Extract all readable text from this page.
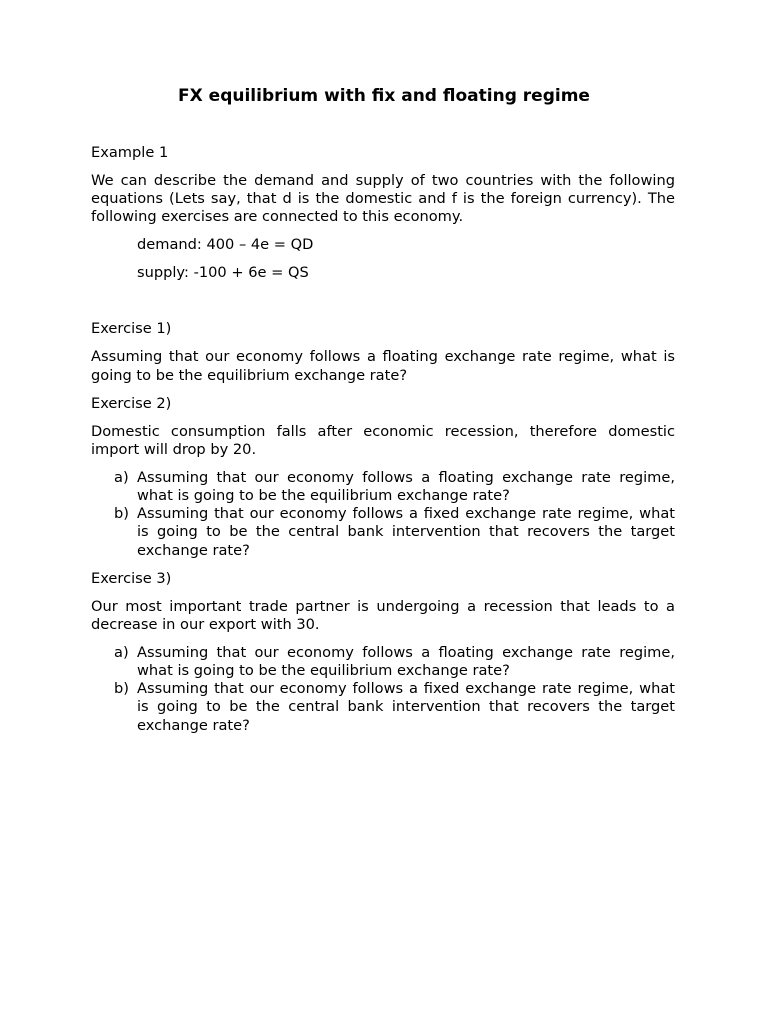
FX equilibrium with fix and floating regime

Example 1

We can describe the demand and supply of two countries with the following equations (Lets say, that d is the domestic and f is the foreign currency). The following exercises are connected to this economy.

demand: 400 – 4e = QD

supply: -100 + 6e = QS

Exercise 1)

Assuming that our economy follows a floating exchange rate regime, what is going to be the equilibrium exchange rate?

Exercise 2)

Domestic consumption falls after economic recession, therefore domestic import will drop by 20.

a) Assuming that our economy follows a floating exchange rate regime, what is going to be the equilibrium exchange rate?
b) Assuming that our economy follows a fixed exchange rate regime, what is going to be the central bank intervention that recovers the target exchange rate?

Exercise 3)

Our most important trade partner is undergoing a recession that leads to a decrease in our export with 30.

a) Assuming that our economy follows a floating exchange rate regime, what is going to be the equilibrium exchange rate?
b) Assuming that our economy follows a fixed exchange rate regime, what is going to be the central bank intervention that recovers the target exchange rate?
